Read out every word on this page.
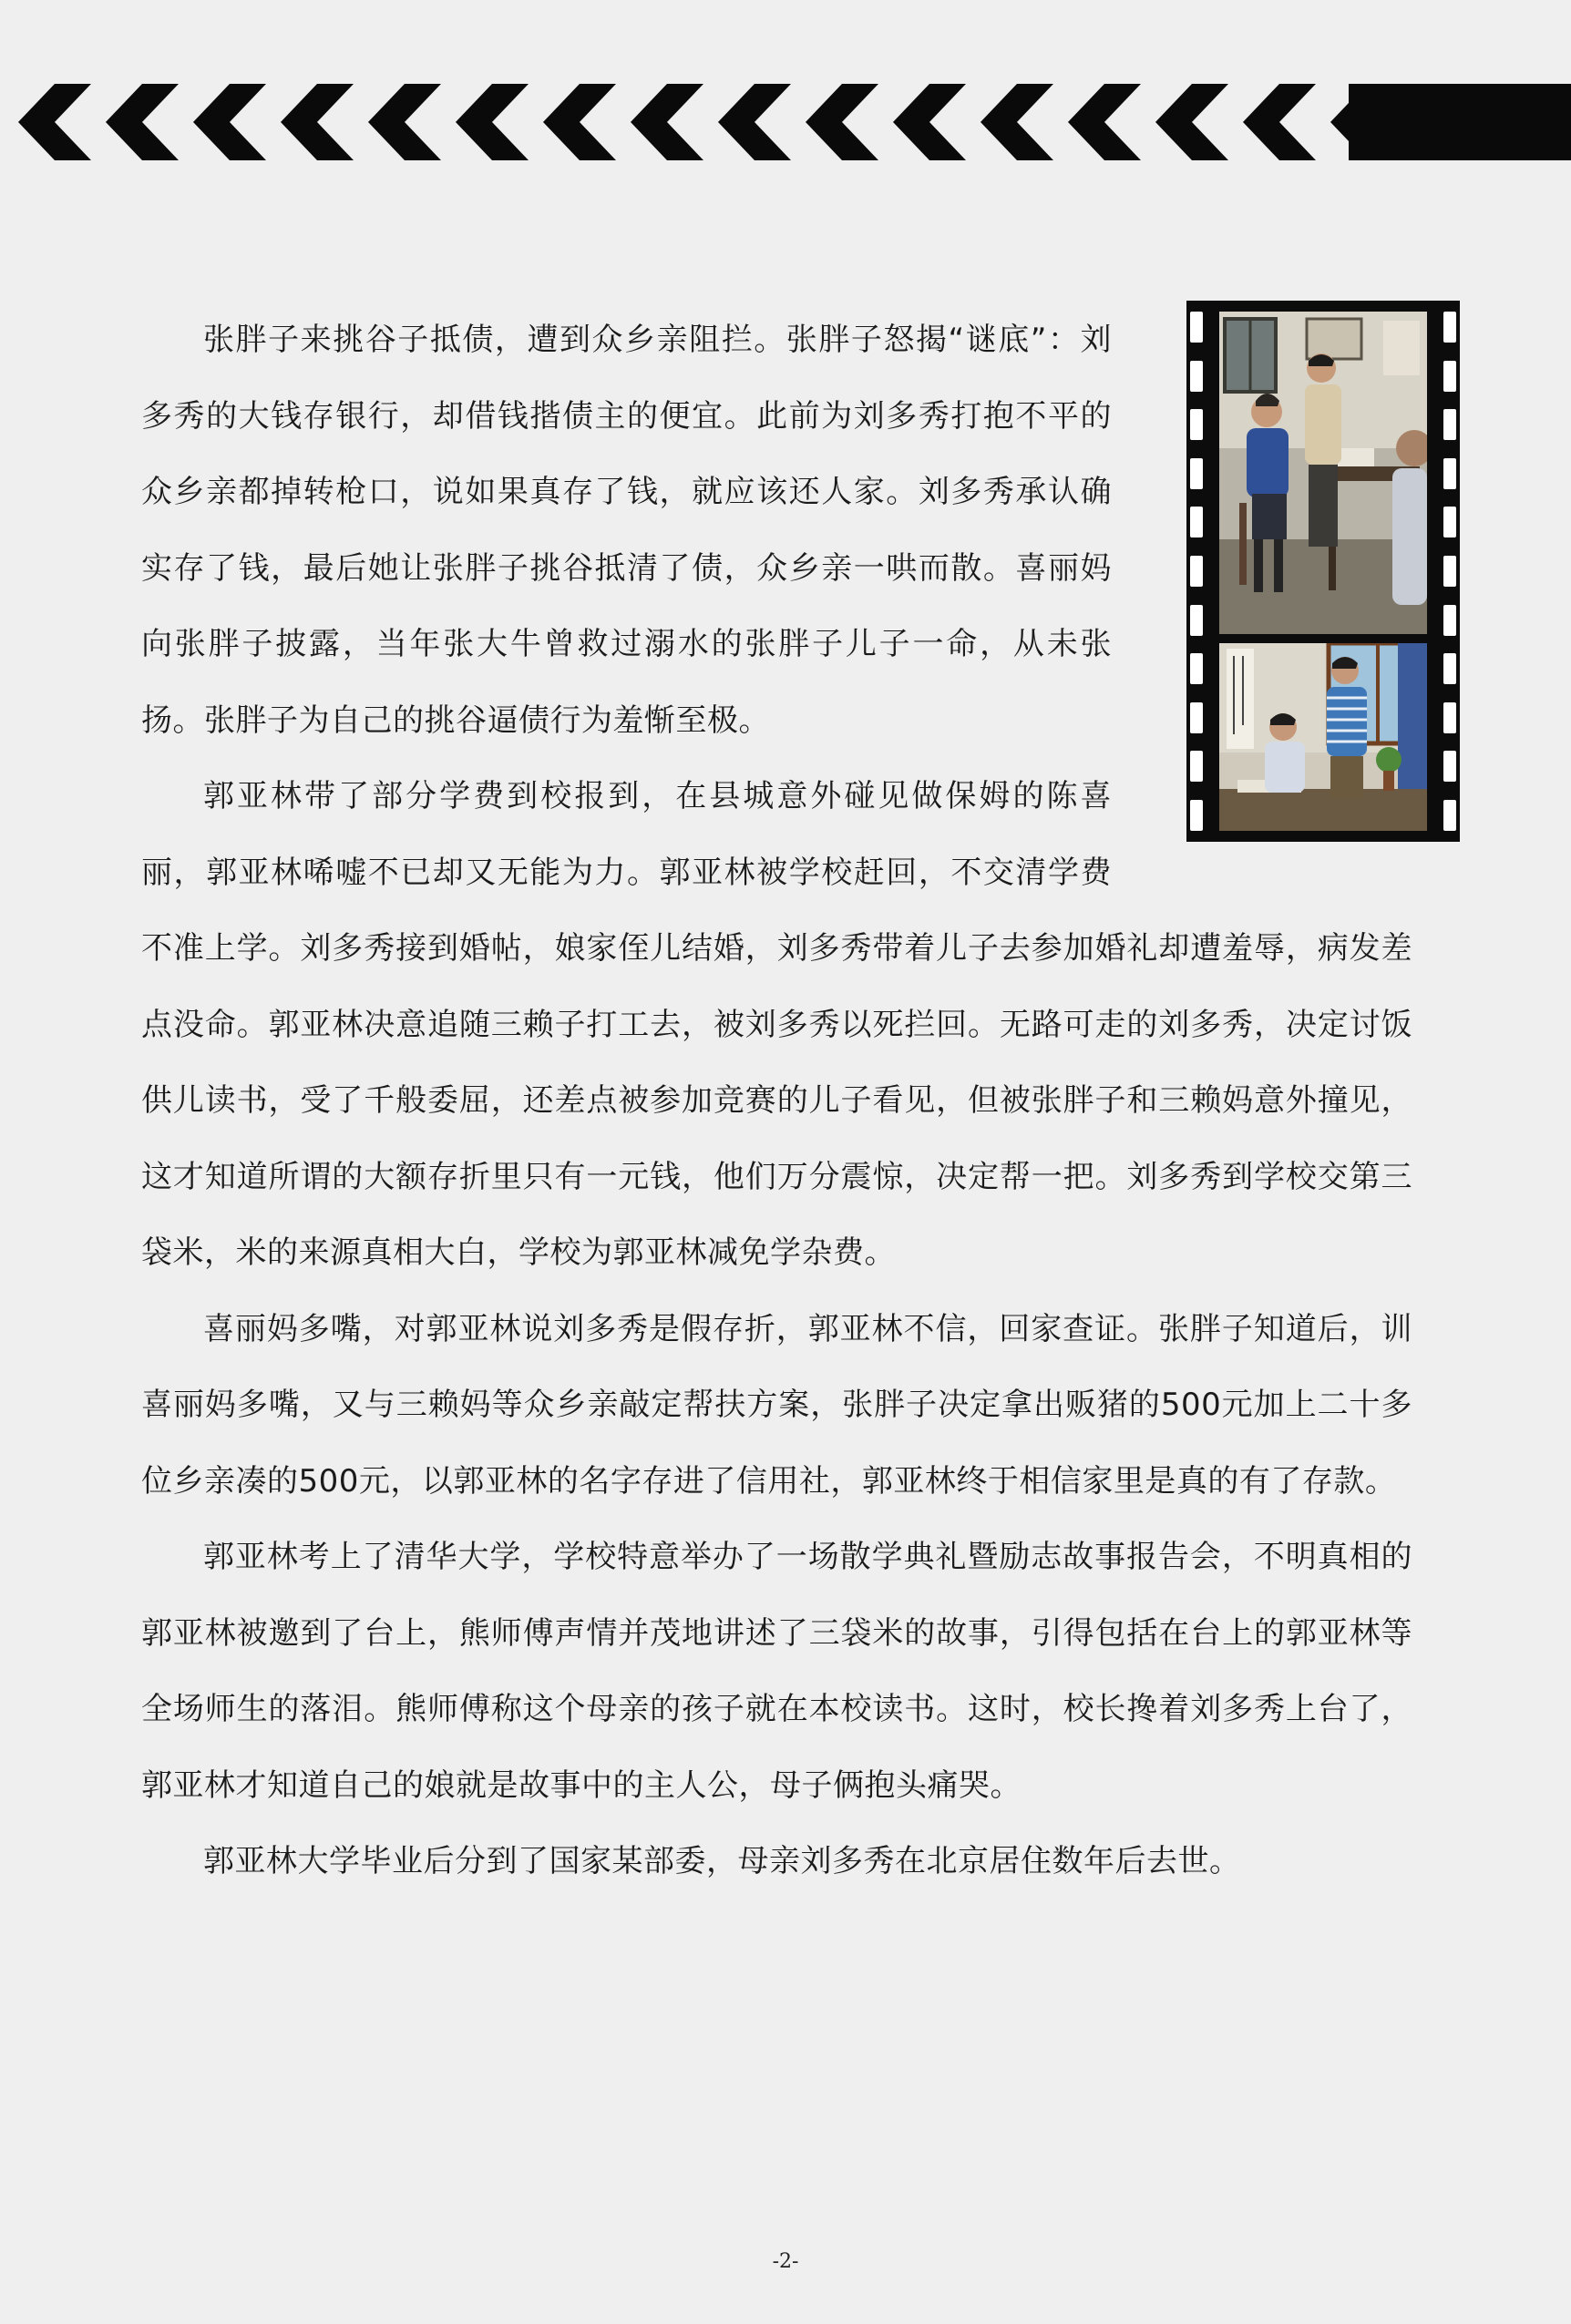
张胖子来挑谷子抵债，遭到众乡亲阻拦。张胖子怒揭“谜底”：刘多秀的大钱存银行，却借钱揩债主的便宜。此前为刘多秀打抱不平的众乡亲都掉转枪口，说如果真存了钱，就应该还人家。刘多秀承认确实存了钱，最后她让张胖子挑谷抵清了债，众乡亲一哄而散。喜丽妈向张胖子披露，当年张大牛曾救过溺水的张胖子儿子一命，从未张扬。张胖子为自己的挑谷逼债行为羞惭至极。

郭亚林带了部分学费到校报到，在县城意外碰见做保姆的陈喜丽，郭亚林唏嘘不已却又无能为力。郭亚林被学校赶回，不交清学费不准上学。刘多秀接到婚帖，娘家侄儿结婚，刘多秀带着儿子去参加婚礼却遭羞辱，病发差点没命。郭亚林决意追随三赖子打工去，被刘多秀以死拦回。无路可走的刘多秀，决定讨饭供儿读书，受了千般委屈，还差点被参加竞赛的儿子看见，但被张胖子和三赖妈意外撞见，这才知道所谓的大额存折里只有一元钱，他们万分震惊，决定帮一把。刘多秀到学校交第三袋米，米的来源真相大白，学校为郭亚林减免学杂费。

喜丽妈多嘴，对郭亚林说刘多秀是假存折，郭亚林不信，回家查证。张胖子知道后，训喜丽妈多嘴，又与三赖妈等众乡亲敲定帮扶方案，张胖子决定拿出贩猪的500元加上二十多位乡亲凑的500元，以郭亚林的名字存进了信用社，郭亚林终于相信家里是真的有了存款。

郭亚林考上了清华大学，学校特意举办了一场散学典礼暨励志故事报告会，不明真相的郭亚林被邀到了台上，熊师傅声情并茂地讲述了三袋米的故事，引得包括在台上的郭亚林等全场师生的落泪。熊师傅称这个母亲的孩子就在本校读书。这时，校长搀着刘多秀上台了，郭亚林才知道自己的娘就是故事中的主人公，母子俩抱头痛哭。

郭亚林大学毕业后分到了国家某部委，母亲刘多秀在北京居住数年后去世。

-2-
